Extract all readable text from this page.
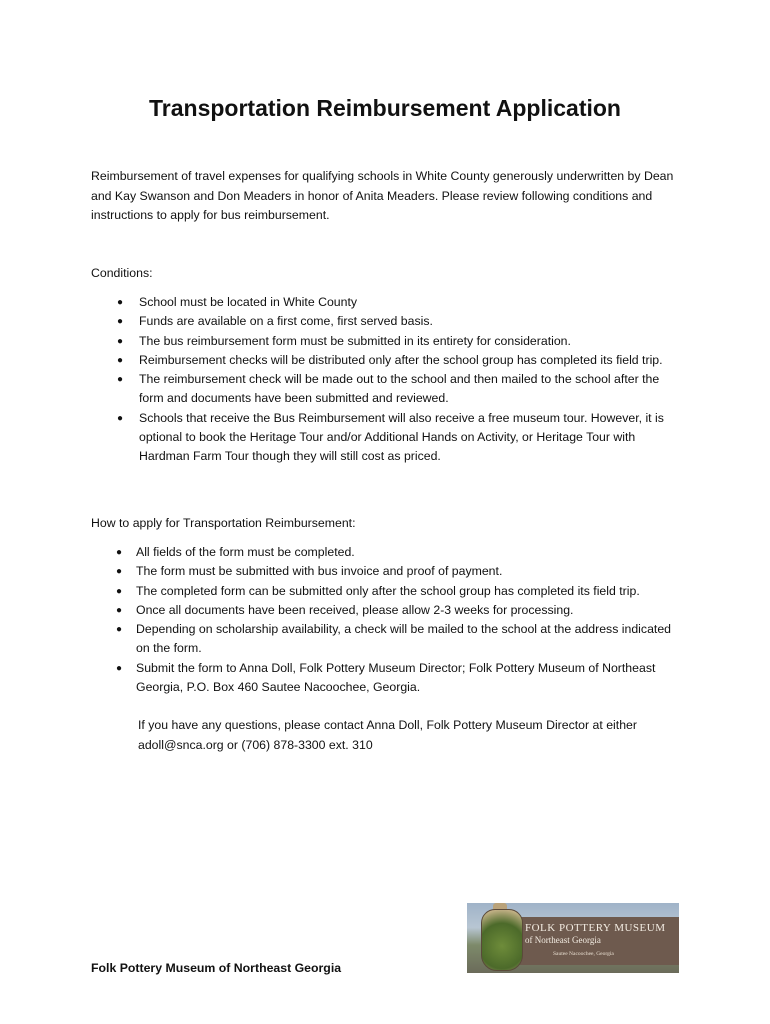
Transportation Reimbursement Application
Reimbursement of travel expenses for qualifying schools in White County generously underwritten by Dean and Kay Swanson and Don Meaders in honor of Anita Meaders. Please review following conditions and instructions to apply for bus reimbursement.
Conditions:
● School must be located in White County
● Funds are available on a first come, first served basis.
● The bus reimbursement form must be submitted in its entirety for consideration.
● Reimbursement checks will be distributed only after the school group has completed its field trip.
● The reimbursement check will be made out to the school and then mailed to the school after the form and documents have been submitted and reviewed.
● Schools that receive the Bus Reimbursement will also receive a free museum tour. However, it is optional to book the Heritage Tour and/or Additional Hands on Activity, or Heritage Tour with Hardman Farm Tour though they will still cost as priced.
How to apply for Transportation Reimbursement:
● All fields of the form must be completed.
● The form must be submitted with bus invoice and proof of payment.
● The completed form can be submitted only after the school group has completed its field trip.
● Once all documents have been received, please allow 2-3 weeks for processing.
● Depending on scholarship availability, a check will be mailed to the school at the address indicated on the form.
● Submit the form to Anna Doll, Folk Pottery Museum Director; Folk Pottery Museum of Northeast Georgia, P.O. Box 460 Sautee Nacoochee, Georgia.
If you have any questions, please contact Anna Doll, Folk Pottery Museum Director at either adoll@snca.org or (706) 878-3300 ext. 310
Folk Pottery Museum of Northeast Georgia
FOLK POTTERY MUSEUM
of Northeast Georgia
Sautee Nacoochee, Georgia
